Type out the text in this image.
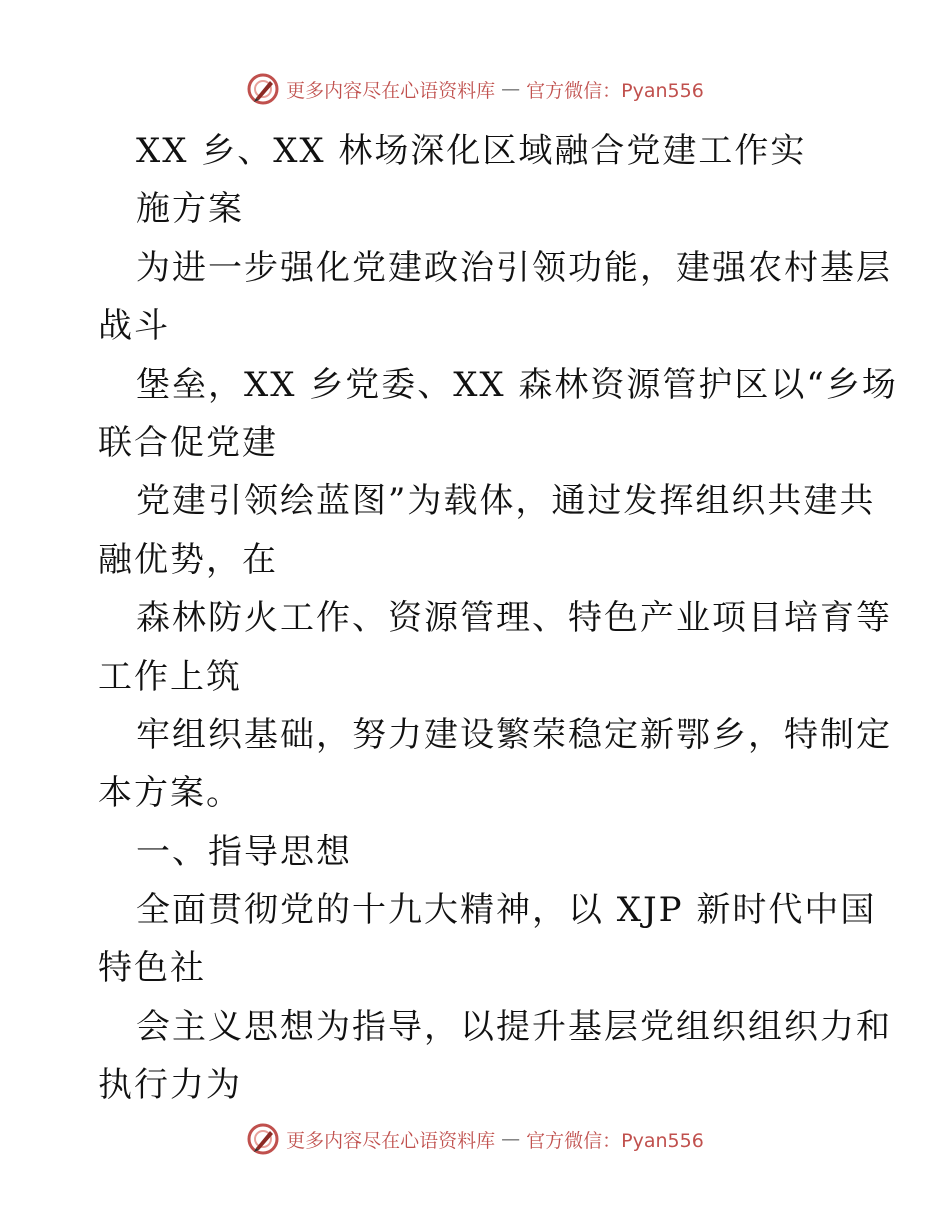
更多内容尽在心语资料库 — 官方微信：Pyan556
XX 乡、XX 林场深化区域融合党建工作实
施方案
为进一步强化党建政治引领功能，建强农村基层
战斗
堡垒，XX 乡党委、XX 森林资源管护区以“乡场
联合促党建
党建引领绘蓝图”为载体，通过发挥组织共建共
融优势，在
森林防火工作、资源管理、特色产业项目培育等
工作上筑
牢组织基础，努力建设繁荣稳定新鄂乡，特制定
本方案。
一、指导思想
全面贯彻党的十九大精神，以 XJP 新时代中国
特色社
会主义思想为指导，以提升基层党组织组织力和
执行力为
更多内容尽在心语资料库 — 官方微信：Pyan556
